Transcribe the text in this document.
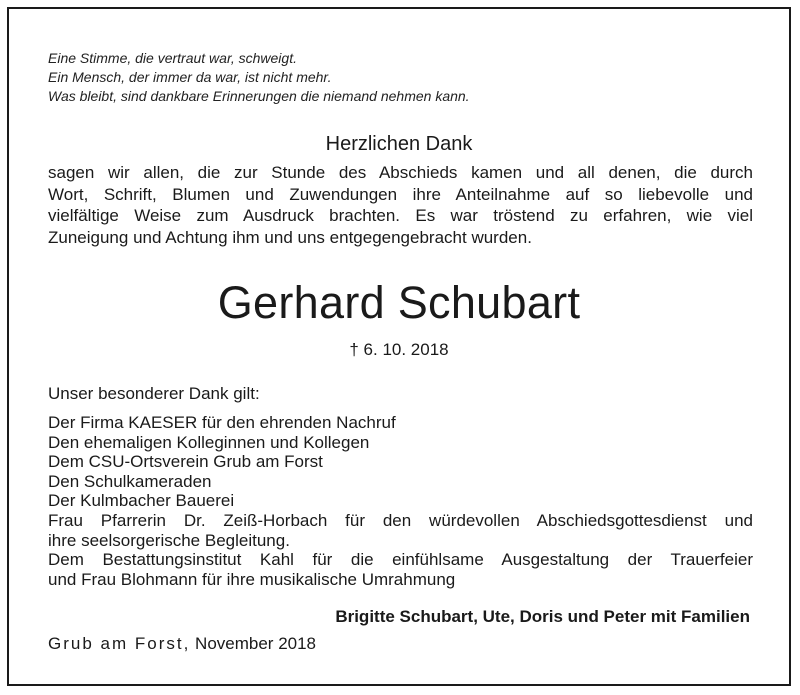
Eine Stimme, die vertraut war, schweigt.
Ein Mensch, der immer da war, ist nicht mehr.
Was bleibt, sind dankbare Erinnerungen die niemand nehmen kann.
Herzlichen Dank
sagen wir allen, die zur Stunde des Abschieds kamen und all denen, die durch
Wort, Schrift, Blumen und Zuwendungen ihre Anteilnahme auf so liebevolle und
vielfältige Weise zum Ausdruck brachten. Es war tröstend zu erfahren, wie viel
Zuneigung und Achtung ihm und uns entgegengebracht wurden.
Gerhard Schubart
† 6. 10. 2018
Unser besonderer Dank gilt:
Der Firma KAESER für den ehrenden Nachruf
Den ehemaligen Kolleginnen und Kollegen
Dem CSU-Ortsverein Grub am Forst
Den Schulkameraden
Der Kulmbacher Bauerei
Frau Pfarrerin Dr. Zeiß-Horbach für den würdevollen Abschiedsgottesdienst und
ihre seelsorgerische Begleitung.
Dem Bestattungsinstitut Kahl für die einfühlsame Ausgestaltung der Trauerfeier
und Frau Blohmann für ihre musikalische Umrahmung
Brigitte Schubart, Ute, Doris und Peter mit Familien
Grub am Forst, November 2018
